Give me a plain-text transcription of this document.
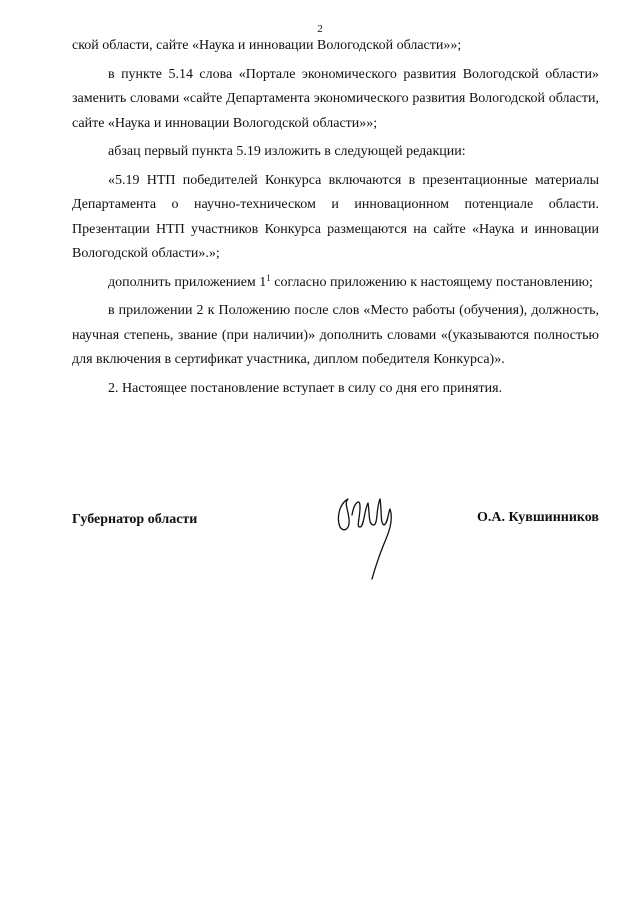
2

ской области, сайте «Наука и инновации Вологодской области»»;

в пункте 5.14 слова «Портале экономического развития Вологодской области» заменить словами «сайте Департамента экономического развития Вологодской области, сайте «Наука и инновации Вологодской области»»;

абзац первый пункта 5.19 изложить в следующей редакции:

«5.19 НТП победителей Конкурса включаются в презентационные материалы Департамента о научно-техническом и инновационном потенциале области. Презентации НТП участников Конкурса размещаются на сайте «Наука и инновации Вологодской области».»;

дополнить приложением $1^1$ согласно приложению к настоящему постановлению;

в приложении 2 к Положению после слов «Место работы (обучения), должность, научная степень, звание (при наличии)» дополнить словами «(указываются полностью для включения в сертификат участника, диплом победителя Конкурса)».

2. Настоящее постановление вступает в силу со дня его принятия.

Губернатор области	О.А. Кувшинников
